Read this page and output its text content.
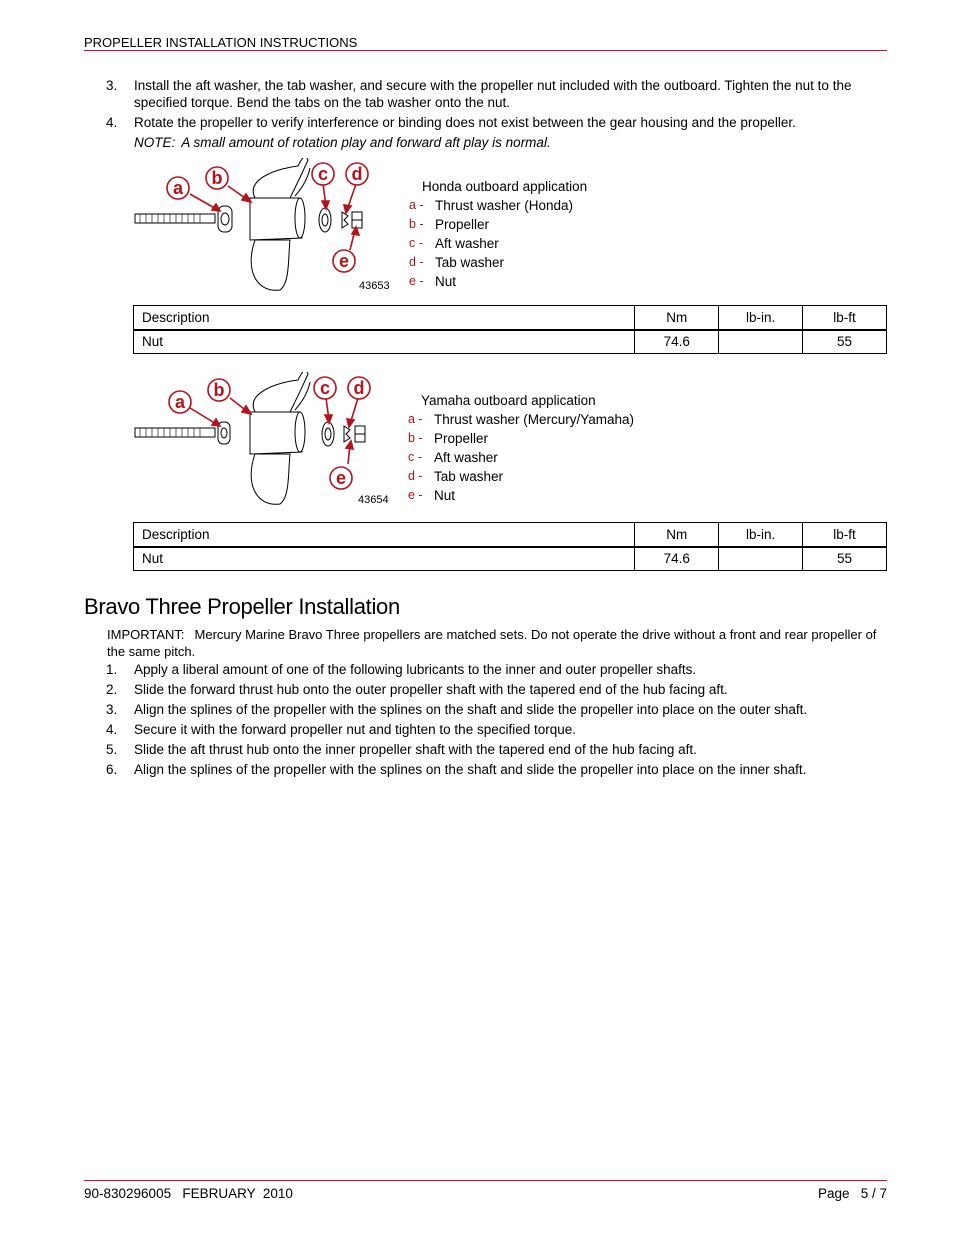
PROPELLER INSTALLATION INSTRUCTIONS
3.	Install the aft washer, the tab washer, and secure with the propeller nut included with the outboard. Tighten the nut to the specified torque. Bend the tabs on the tab washer onto the nut.
4.	Rotate the propeller to verify interference or binding does not exist between the gear housing and the propeller.
NOTE: A small amount of rotation play and forward aft play is normal.
a b	c d
e
43653
Honda outboard application
a - Thrust washer (Honda)
b - Propeller
c - Aft washer
d - Tab washer
e - Nut
Description	Nm	lb-in.	lb-ft
Nut	74.6		55
a
b	c d
e
43654
Yamaha outboard application
a - Thrust washer (Mercury/Yamaha)
b - Propeller
c - Aft washer
d - Tab washer
e - Nut
Description	Nm	lb-in.	lb-ft
Nut	74.6		55
Bravo Three Propeller Installation
IMPORTANT: Mercury Marine Bravo Three propellers are matched sets. Do not operate the drive without a front and rear propeller of the same pitch.
1.	Apply a liberal amount of one of the following lubricants to the inner and outer propeller shafts.
2.	Slide the forward thrust hub onto the outer propeller shaft with the tapered end of the hub facing aft.
3.	Align the splines of the propeller with the splines on the shaft and slide the propeller into place on the outer shaft.
4.	Secure it with the forward propeller nut and tighten to the specified torque.
5.	Slide the aft thrust hub onto the inner propeller shaft with the tapered end of the hub facing aft.
6.	Align the splines of the propeller with the splines on the shaft and slide the propeller into place on the inner shaft.
90-830296005   FEBRUARY  2010	Page   5 / 7
